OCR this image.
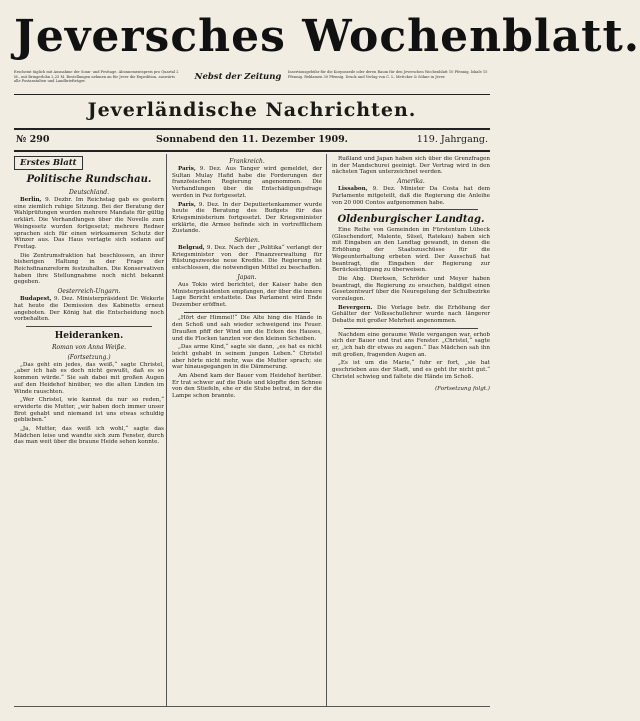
Jeversches Wochenblatt.
Erscheint täglich mit Ausnahme der Sonn- und Festtage. Abonnementspreis pro Quartal 2 M., mit Bringerlohn 2,25 M. Bestellungen nehmen an für Jever die Expedition, auswärts alle Postanstalten und Landbriefträger.	Nebst der Zeitung	Insertionsgebühr für die Korpuszeile oder deren Raum für den Jeverschen Wochenblatt 10 Pfennig, lokale 15 Pfennig. Reklamen 30 Pfennig. Druck und Verlag von C. L. Mettcker & Söhne in Jever.
Jeverländische Nachrichten.
№ 290	Sonnabend den 11. Dezember 1909.	119. Jahrgang.
Erstes Blatt
Politische Rundschau.
Deutschland.

Berlin, 9. Dezbr. Im Reichstag gab es gestern eine ziemlich ruhige Sitzung. Bei der Beratung der Wahlprüfungen wurden mehrere Mandate für gültig erklärt. Die Verhandlungen über die Novelle zum Weingesetz wurden fortgesetzt; mehrere Redner sprachen sich für einen wirksameren Schutz der Winzer aus. Das Haus vertagte sich sodann auf Freitag.

Die Zentrumsfraktion hat beschlossen, an ihrer bisherigen Haltung in der Frage der Reichsfinanzreform festzuhalten. Die Konservativen haben ihre Stellungnahme noch nicht bekannt gegeben.

Oesterreich-Ungarn.

Budapest, 9. Dez. Ministerpräsident Dr. Wekerle hat heute die Demission des Kabinetts erneut angeboten. Der König hat die Entscheidung noch vorbehalten.

Heideranken.
Roman von Anna Weiße.
(Fortsetzung.)

„Das geht ein jedes, das weiß,“ sagte Christel, „aber ich hab es doch nicht gewußt, daß es so kommen würde.“ Sie sah dabei mit großen Augen auf den Heidehof hinüber, wo die alten Linden im Winde rauschten.

„Wer Christel, wie kannst du nur so reden,“ erwiderte die Mutter, „wir haben doch immer unser Brot gehabt und niemand ist uns etwas schuldig geblieben.“

„Ja, Mutter, das weiß ich wohl,“ sagte das Mädchen leise und wandte sich zum Fenster, durch das man weit über die braune Heide sehen konnte.

Frankreich.

Paris, 9. Dez. Aus Tanger wird gemeldet, der Sultan Mulay Hafid habe die Forderungen der französischen Regierung angenommen. Die Verhandlungen über die Entschädigungsfrage werden in Fez fortgesetzt.

Paris, 9. Dez. In der Deputiertenkammer wurde heute die Beratung des Budgets für das Kriegsministerium fortgesetzt. Der Kriegsminister erklärte, die Armee befinde sich in vortrefflichem Zustande.

Serbien.

Belgrad, 9. Dez. Nach der „Politika“ verlangt der Kriegsminister von der Finanzverwaltung für Rüstungszwecke neue Kredite. Die Regierung ist entschlossen, die notwendigen Mittel zu beschaffen.

Japan.

Aus Tokio wird berichtet, der Kaiser habe den Ministerpräsidenten empfangen, der über die innere Lage Bericht erstattete. Das Parlament wird Ende Dezember eröffnet.

„Hört der Himmel!“ Die Alte hing die Hände in den Schoß und sah wieder schweigend ins Feuer. Draußen pfiff der Wind um die Ecken des Hauses, und die Flocken tanzten vor den kleinen Scheiben.

„Das arme Kind,“ sagte sie dann, „es hat es nicht leicht gehabt in seinem jungen Leben.“ Christel aber hörte nicht mehr, was die Mutter sprach; sie war hinausgegangen in die Dämmerung.

Am Abend kam der Bauer vom Heidehof herüber. Er trat schwer auf die Diele und klopfte den Schnee von den Stiefeln, ehe er die Stube betrat, in der die Lampe schon brannte.

Rußland und Japan haben sich über die Grenzfragen in der Mandschurei geeinigt. Der Vertrag wird in den nächsten Tagen unterzeichnet werden.

Amerika.

Lissabon, 9. Dez. Minister Da Costa hat dem Parlamente mitgeteilt, daß die Regierung die Anleihe von 20 000 Contos aufgenommen habe.

Oldenburgischer Landtag.

Eine Reihe von Gemeinden im Fürstentum Lübeck (Gleschendorf, Malente, Süsel, Ratekau) haben sich mit Eingaben an den Landtag gewandt, in denen die Erhöhung der Staatszuschüsse für die Wegeunterhaltung erbeten wird. Der Ausschuß hat beantragt, die Eingaben der Regierung zur Berücksichtigung zu überweisen.

Die Abg. Dierksen, Schröder und Meyer haben beantragt, die Regierung zu ersuchen, baldigst einen Gesetzentwurf über die Neuregelung der Schulbezirke vorzulegen.

Bevergern. Die Vorlage betr. die Erhöhung der Gehälter der Volksschullehrer wurde nach längerer Debatte mit großer Mehrheit angenommen.

Nachdem eine geraume Weile vergangen war, erhob sich der Bauer und trat ans Fenster. „Christel,“ sagte er, „ich hab dir etwas zu sagen.“ Das Mädchen sah ihn mit großen, fragenden Augen an.

„Es ist um die Marie,“ fuhr er fort, „sie hat geschrieben aus der Stadt, und es geht ihr nicht gut.“ Christel schwieg und faltete die Hände im Schoß.

(Fortsetzung folgt.)
